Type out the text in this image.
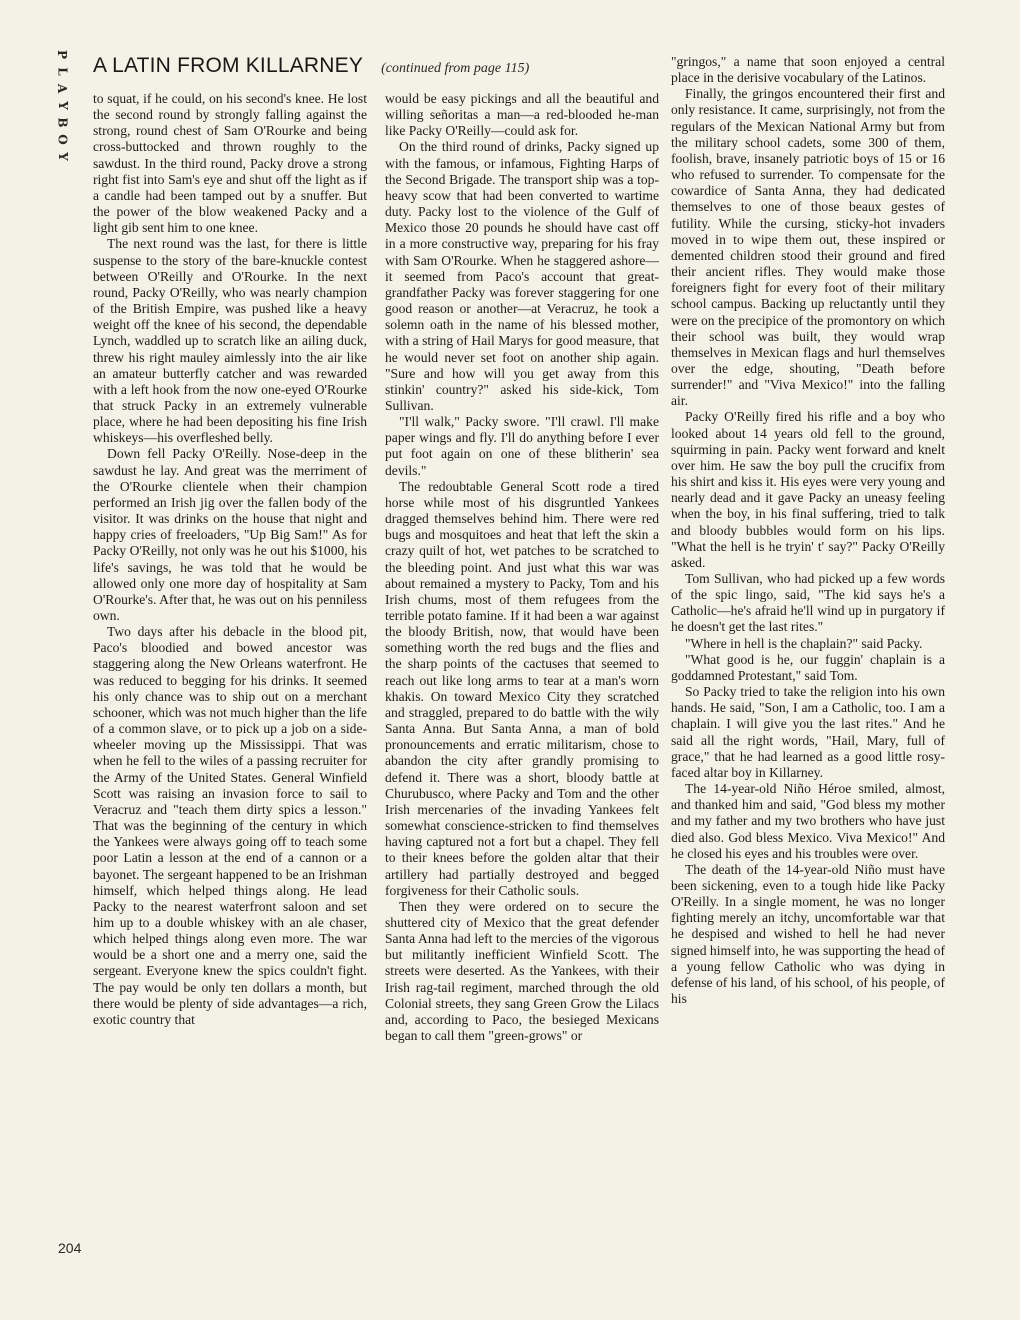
P
L
A
Y
B
O
Y
A LATIN FROM KILLARNEY (continued from page 115)

to squat, if he could, on his second's knee. He lost the second round by strongly falling against the strong, round chest of Sam O'Rourke and being cross-buttocked and thrown roughly to the sawdust. In the third round, Packy drove a strong right fist into Sam's eye and shut off the light as if a candle had been tamped out by a snuffer. But the power of the blow weakened Packy and a light gib sent him to one knee.

The next round was the last, for there is little suspense to the story of the bare-knuckle contest between O'Reilly and O'Rourke. In the next round, Packy O'Reilly, who was nearly champion of the British Empire, was pushed like a heavy weight off the knee of his second, the dependable Lynch, waddled up to scratch like an ailing duck, threw his right mauley aimlessly into the air like an amateur butterfly catcher and was rewarded with a left hook from the now one-eyed O'Rourke that struck Packy in an extremely vulnerable place, where he had been depositing his fine Irish whiskeys—his overfleshed belly.

Down fell Packy O'Reilly. Nose-deep in the sawdust he lay. And great was the merriment of the O'Rourke clientele when their champion performed an Irish jig over the fallen body of the visitor. It was drinks on the house that night and happy cries of freeloaders, "Up Big Sam!" As for Packy O'Reilly, not only was he out his $1000, his life's savings, he was told that he would be allowed only one more day of hospitality at Sam O'Rourke's. After that, he was out on his penniless own.

Two days after his debacle in the blood pit, Paco's bloodied and bowed ancestor was staggering along the New Orleans waterfront. He was reduced to begging for his drinks. It seemed his only chance was to ship out on a merchant schooner, which was not much higher than the life of a common slave, or to pick up a job on a side-wheeler moving up the Mississippi. That was when he fell to the wiles of a passing recruiter for the Army of the United States. General Winfield Scott was raising an invasion force to sail to Veracruz and "teach them dirty spics a lesson." That was the beginning of the century in which the Yankees were always going off to teach some poor Latin a lesson at the end of a cannon or a bayonet. The sergeant happened to be an Irishman himself, which helped things along. He lead Packy to the nearest waterfront saloon and set him up to a double whiskey with an ale chaser, which helped things along even more. The war would be a short one and a merry one, said the sergeant. Everyone knew the spics couldn't fight. The pay would be only ten dollars a month, but there would be plenty of side advantages—a rich, exotic country that

would be easy pickings and all the beautiful and willing señoritas a man—a red-blooded he-man like Packy O'Reilly—could ask for.

On the third round of drinks, Packy signed up with the famous, or infamous, Fighting Harps of the Second Brigade. The transport ship was a top-heavy scow that had been converted to wartime duty. Packy lost to the violence of the Gulf of Mexico those 20 pounds he should have cast off in a more constructive way, preparing for his fray with Sam O'Rourke. When he staggered ashore—it seemed from Paco's account that great-grandfather Packy was forever staggering for one good reason or another—at Veracruz, he took a solemn oath in the name of his blessed mother, with a string of Hail Marys for good measure, that he would never set foot on another ship again. "Sure and how will you get away from this stinkin' country?" asked his side-kick, Tom Sullivan.

"I'll walk," Packy swore. "I'll crawl. I'll make paper wings and fly. I'll do anything before I ever put foot again on one of these blitherin' sea devils."

The redoubtable General Scott rode a tired horse while most of his disgruntled Yankees dragged themselves behind him. There were red bugs and mosquitoes and heat that left the skin a crazy quilt of hot, wet patches to be scratched to the bleeding point. And just what this war was about remained a mystery to Packy, Tom and his Irish chums, most of them refugees from the terrible potato famine. If it had been a war against the bloody British, now, that would have been something worth the red bugs and the flies and the sharp points of the cactuses that seemed to reach out like long arms to tear at a man's worn khakis. On toward Mexico City they scratched and straggled, prepared to do battle with the wily Santa Anna. But Santa Anna, a man of bold pronouncements and erratic militarism, chose to abandon the city after grandly promising to defend it. There was a short, bloody battle at Churubusco, where Packy and Tom and the other Irish mercenaries of the invading Yankees felt somewhat conscience-stricken to find themselves having captured not a fort but a chapel. They fell to their knees before the golden altar that their artillery had partially destroyed and begged forgiveness for their Catholic souls.

Then they were ordered on to secure the shuttered city of Mexico that the great defender Santa Anna had left to the mercies of the vigorous but militantly inefficient Winfield Scott. The streets were deserted. As the Yankees, with their Irish rag-tail regiment, marched through the old Colonial streets, they sang Green Grow the Lilacs and, according to Paco, the besieged Mexicans began to call them "green-grows" or

"gringos," a name that soon enjoyed a central place in the derisive vocabulary of the Latinos.

Finally, the gringos encountered their first and only resistance. It came, surprisingly, not from the regulars of the Mexican National Army but from the military school cadets, some 300 of them, foolish, brave, insanely patriotic boys of 15 or 16 who refused to surrender. To compensate for the cowardice of Santa Anna, they had dedicated themselves to one of those beaux gestes of futility. While the cursing, sticky-hot invaders moved in to wipe them out, these inspired or demented children stood their ground and fired their ancient rifles. They would make those foreigners fight for every foot of their military school campus. Backing up reluctantly until they were on the precipice of the promontory on which their school was built, they would wrap themselves in Mexican flags and hurl themselves over the edge, shouting, "Death before surrender!" and "Viva Mexico!" into the falling air.

Packy O'Reilly fired his rifle and a boy who looked about 14 years old fell to the ground, squirming in pain. Packy went forward and knelt over him. He saw the boy pull the crucifix from his shirt and kiss it. His eyes were very young and nearly dead and it gave Packy an uneasy feeling when the boy, in his final suffering, tried to talk and bloody bubbles would form on his lips. "What the hell is he tryin' t' say?" Packy O'Reilly asked.

Tom Sullivan, who had picked up a few words of the spic lingo, said, "The kid says he's a Catholic—he's afraid he'll wind up in purgatory if he doesn't get the last rites."

"Where in hell is the chaplain?" said Packy.

"What good is he, our fuggin' chaplain is a goddamned Protestant," said Tom.

So Packy tried to take the religion into his own hands. He said, "Son, I am a Catholic, too. I am a chaplain. I will give you the last rites." And he said all the right words, "Hail, Mary, full of grace," that he had learned as a good little rosy-faced altar boy in Killarney.

The 14-year-old Niño Héroe smiled, almost, and thanked him and said, "God bless my mother and my father and my two brothers who have just died also. God bless Mexico. Viva Mexico!" And he closed his eyes and his troubles were over.

The death of the 14-year-old Niño must have been sickening, even to a tough hide like Packy O'Reilly. In a single moment, he was no longer fighting merely an itchy, uncomfortable war that he despised and wished to hell he had never signed himself into, he was supporting the head of a young fellow Catholic who was dying in defense of his land, of his school, of his people, of his

204
